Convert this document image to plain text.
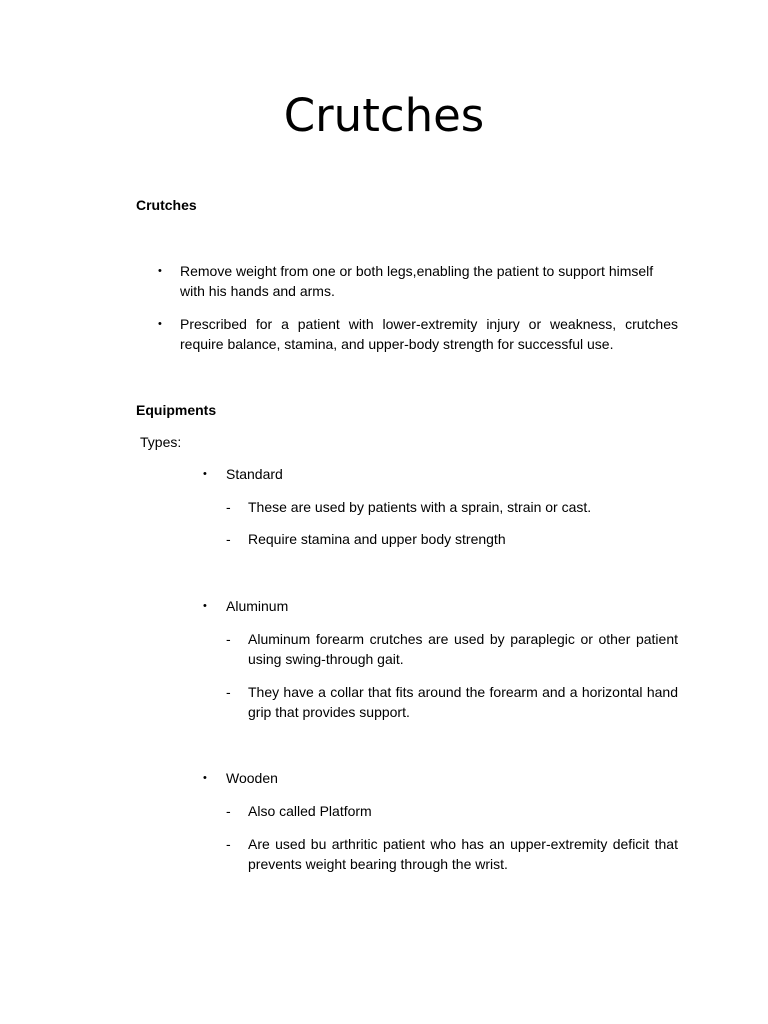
Crutches
Crutches
• Remove weight from one or both legs,enabling the patient to support himself with his hands and arms.
• Prescribed for a patient with lower-extremity injury or weakness, crutches require balance, stamina, and upper-body strength for successful use.
Equipments
Types:
• Standard
- These are used by patients with a sprain, strain or cast.
- Require stamina and upper body strength
• Aluminum
- Aluminum forearm crutches are used by paraplegic or other patient using swing-through gait.
- They have a collar that fits around the forearm and a horizontal hand grip that provides support.
• Wooden
- Also called Platform
- Are used bu arthritic patient who has an upper-extremity deficit that prevents weight bearing through the wrist.
